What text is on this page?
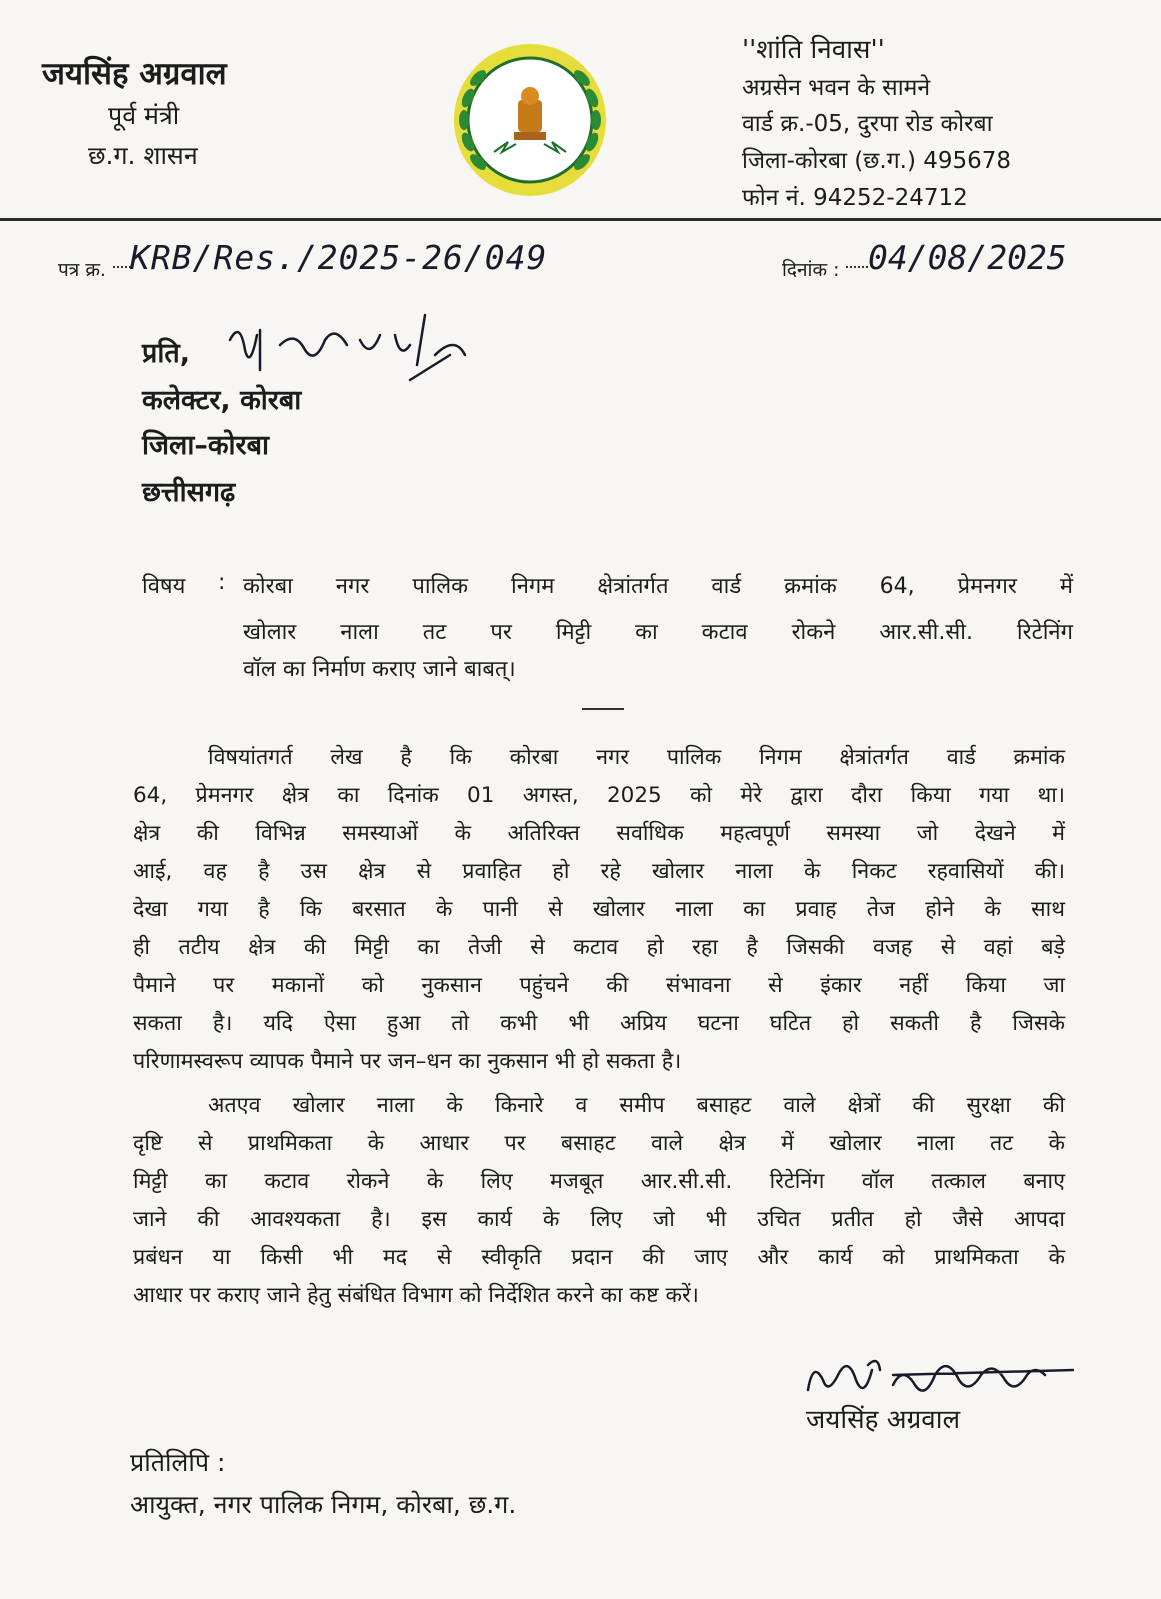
जयसिंह अग्रवाल
पूर्व मंत्री
छ.ग. शासन
''शांति निवास''
अग्रसेन भवन के सामने
वार्ड क्र.-05, दुरपा रोड कोरबा
जिला-कोरबा (छ.ग.) 495678
फोन नं. 94252-24712
पत्र क्र. KRB/Res./2025-26/049	दिनांक : 04/08/2025
प्रति,
कलेक्टर, कोरबा
जिला–कोरबा
छत्तीसगढ़
विषय : कोरबा नगर पालिक निगम क्षेत्रांतर्गत वार्ड क्रमांक 64, प्रेमनगर में
खोलार नाला तट पर मिट्टी का कटाव रोकने आर.सी.सी. रिटेनिंग
वॉल का निर्माण कराए जाने बाबत्।
विषयांतगर्त लेख है कि कोरबा नगर पालिक निगम क्षेत्रांतर्गत वार्ड क्रमांक
64, प्रेमनगर क्षेत्र का दिनांक 01 अगस्त, 2025 को मेरे द्वारा दौरा किया गया था।
क्षेत्र की विभिन्न समस्याओं के अतिरिक्त सर्वाधिक महत्वपूर्ण समस्या जो देखने में
आई, वह है उस क्षेत्र से प्रवाहित हो रहे खोलार नाला के निकट रहवासियों की।
देखा गया है कि बरसात के पानी से खोलार नाला का प्रवाह तेज होने के साथ
ही तटीय क्षेत्र की मिट्टी का तेजी से कटाव हो रहा है जिसकी वजह से वहां बड़े
पैमाने पर मकानों को नुकसान पहुंचने की संभावना से इंकार नहीं किया जा
सकता है। यदि ऐसा हुआ तो कभी भी अप्रिय घटना घटित हो सकती है जिसके
परिणामस्वरूप व्यापक पैमाने पर जन–धन का नुकसान भी हो सकता है।
अतएव खोलार नाला के किनारे व समीप बसाहट वाले क्षेत्रों की सुरक्षा की
दृष्टि से प्राथमिकता के आधार पर बसाहट वाले क्षेत्र में खोलार नाला तट के
मिट्टी का कटाव रोकने के लिए मजबूत आर.सी.सी. रिटेनिंग वॉल तत्काल बनाए
जाने की आवश्यकता है। इस कार्य के लिए जो भी उचित प्रतीत हो जैसे आपदा
प्रबंधन या किसी भी मद से स्वीकृति प्रदान की जाए और कार्य को प्राथमिकता के
आधार पर कराए जाने हेतु संबंधित विभाग को निर्देशित करने का कष्ट करें।
जयसिंह अग्रवाल
प्रतिलिपि :
आयुक्त, नगर पालिक निगम, कोरबा, छ.ग.
